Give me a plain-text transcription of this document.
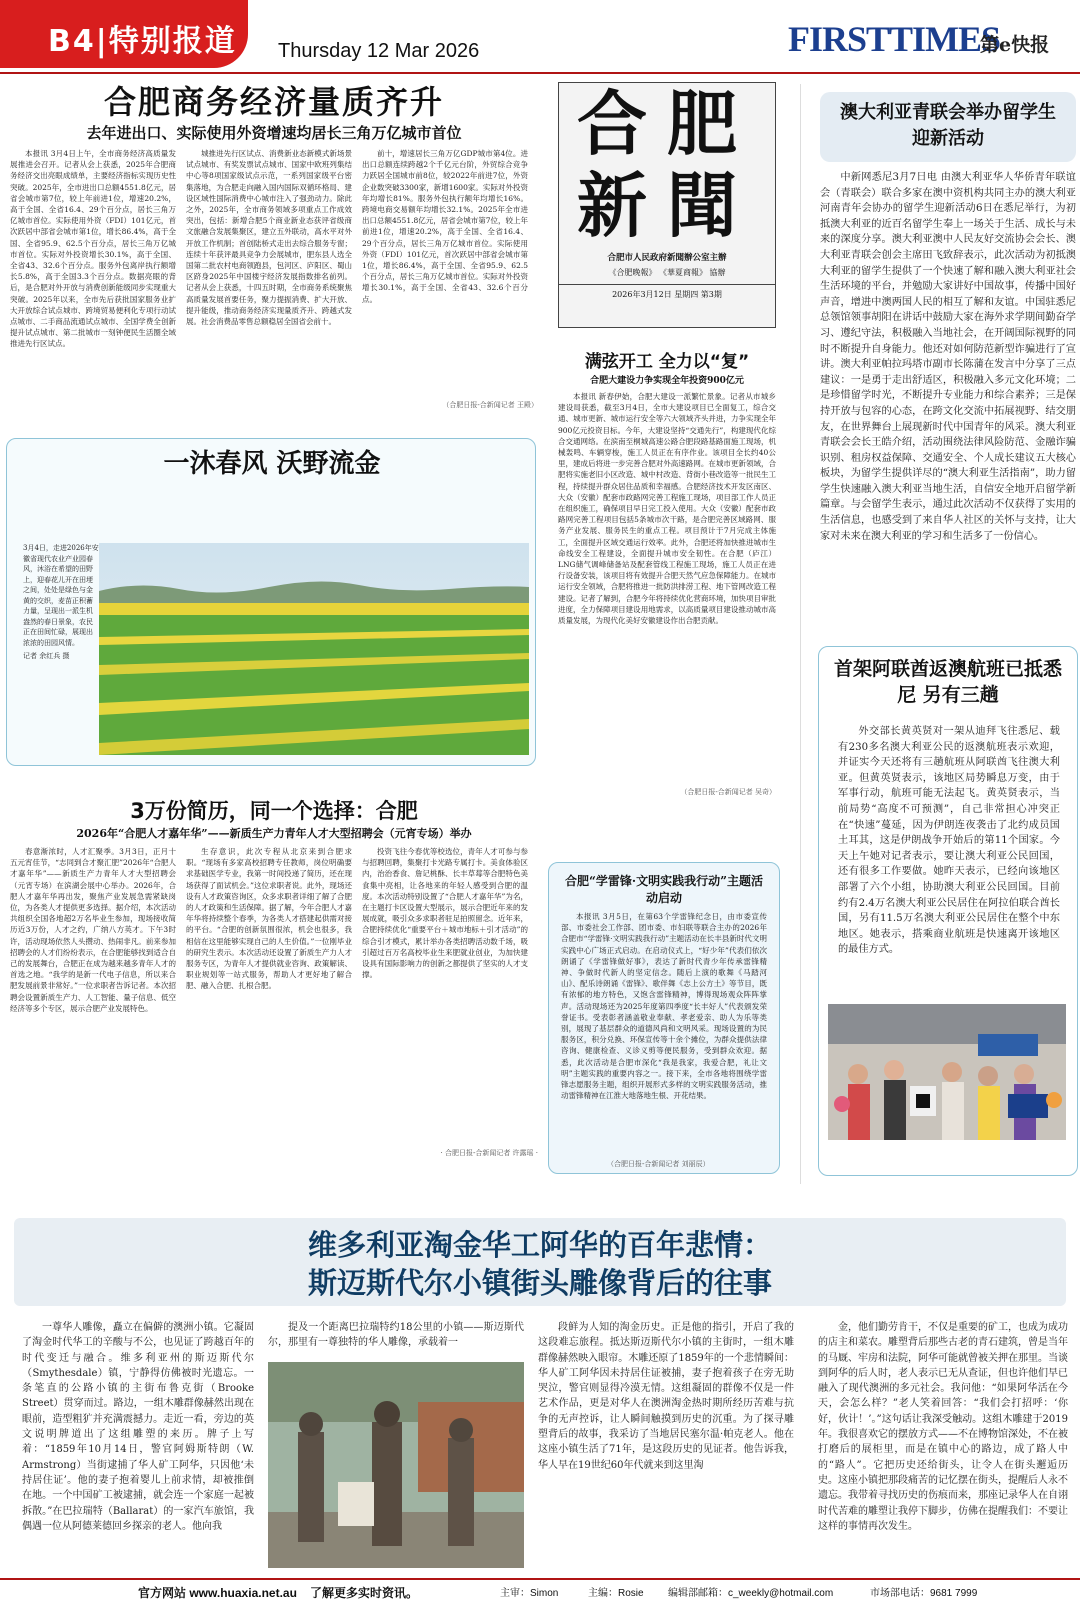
B4|特别报道	Thursday 12 Mar 2026	FIRSTTIMES
第e快报
合肥商务经济量质齐升
去年进出口、实际使用外资增速均居长三角万亿城市首位

本报讯 3月4日上午，全市商务经济高质量发展推进会召开。记者从会上获悉，2025年合肥商务经济交出亮眼成绩单，主要经济指标实现历史性突破。2025年，全市进出口总额4551.8亿元，居省会城市第7位，较上年前进1位，增速20.2%，高于全国、全省16.4、29个百分点，居长三角万亿城市首位。实际使用外资（FDI）101亿元，首次跃居中部省会城市第1位，增长86.4%，高于全国、全省95.9、62.5个百分点，居长三角万亿城市首位。实际对外投资增长30.1%，高于全国、全省43、32.6个百分点。服务外包离岸执行额增长5.8%，高于全国3.3个百分点。数据亮眼的背后，是合肥对外开放与消费创新能级同步实现重大突破。2025年以来，全市先后获批国家服务业扩大开放综合试点城市、跨境贸易便利化专项行动试点城市、二手商品流通试点城市、全国学费全创新提升试点城市、第二批城市一刻钟便民生活圈全域推进先行区试点。

城推进先行区试点、消费新业态新模式新场景试点城市、有奖发票试点城市、国家中欧班列集结中心等8项国家级试点示范，一系列国家级平台密集落地，为合肥走向融入国内国际双循环格局、建设区域性国际消费中心城市注入了强劲动力。除此之外，2025年，全市商务领域多项重点工作成效突出，包括：新增合肥5个商业新业态获评省级商文旅融合发展集聚区，建立五外联动，高水平对外开放工作机制；首创陆桥式走出去综合服务专窗；连续十年获评最具竞争力会展城市，肥东县人选全国第二批农村电商领跑县，包河区、庐阳区、蜀山区跻身2025年中国楼宇经济发展指数排名前列。记者从会上获悉，十四五时期，全市商务系统聚焦高质量发展首要任务，聚力提振消费、扩大开放、提升能级，推动商务经济实现量质齐升、跨越式发展。社会消费品零售总额稳居全国省会前十。

前十，增速居长三角万亿GDP城市第4位。进出口总额连续跨越2个千亿元台阶，外贸综合竞争力跃居全国城市前8位，较2022年前进7位，外资企业数突破3300家，新增1600家。实际对外投资年均增长81%。服务外包执行额年均增长16%。跨境电商交易额年均增长32.1%。2025年全市进出口总额4551.8亿元，居省会城市第7位，较上年前进1位，增速20.2%，高于全国、全省16.4、29个百分点，居长三角万亿城市首位。实际使用外资（FDI）101亿元，首次跃居中部省会城市第1位，增长86.4%，高于全国、全省95.9、62.5个百分点，居长三角万亿城市首位。实际对外投资增长30.1%，高于全国、全省43、32.6个百分点。

（合肥日报-合新闻记者 王殿）
合肥
新聞
合肥市人民政府新聞辦公室主辦
《合肥晚報》 《華夏商報》 協辦
2026年3月12日 星期四 第3期
满弦开工 全力以“复”
合肥大建设力争实现全年投资900亿元

本报讯 新春伊始，合肥大建设一派繁忙景象。记者从市城乡建设局获悉，截至3月4日，全市大建设项目已全面复工，综合交通、城市更新、城市运行安全等六大领域齐头并进，力争实现全年900亿元投资目标。今年，大建设坚持“交通先行”，构建现代化综合交通网络。在滨南至桐城高速公路合肥段路基路面施工现场，机械轰鸣、车辆穿梭，施工人员正在有序作业。该项目全长约40公里，建成后将进一步完善合肥对外高速路网。在城市更新领域，合肥将实施老旧小区改造、城中村改造、背街小巷改造等一批民生工程，持续提升群众居住品质和幸福感。合肥经济技术开发区南区、大众（安徽）配套市政路网完善工程施工现场，项目部工作人员正在组织施工，确保项目早日完工投入使用。大众（安徽）配套市政路网完善工程项目包括5条城市次干路，是合肥完善区域路网、服务产业发展、服务民生的重点工程。项目预计于7月完成主体施工，全面提升区域交通运行效率。此外，合肥还将加快推进城市生命线安全工程建设，全面提升城市安全韧性。在合肥（庐江）LNG储气调峰储备站及配套管线工程施工现场，施工人员正在进行设备安装，该项目将有效提升合肥天然气应急保障能力。在城市运行安全领域，合肥将推进一批防洪排涝工程、地下管网改造工程建设。记者了解到，合肥今年将持续优化营商环境，加快项目审批进度，全力保障项目建设用地需求，以高质量项目建设推动城市高质量发展，为现代化美好安徽建设作出合肥贡献。

（合肥日报-合新闻记者 吴奇）
一沐春风 沃野流金
3月4日，走进2026年安徽省现代农业产业园春风，沐浴在希望的田野上，迎春花儿开在田埂之间，处处是绿色与金黄的交织，麦苗正积蓄力量，呈现出一派生机盎然的春日景象，农民正在田间忙碌，展现出浓浓的田园风情。
记者 余红兵 摄
3万份简历，同一个选择：合肥
2026年“合肥人才嘉年华”——新质生产力青年人才大型招聘会（元宵专场）举办

春意渐浓时，人才汇聚季。3月3日，正月十五元宵佳节，“志同到合才聚汇肥”2026年“合肥人才嘉年华”——新质生产力青年人才大型招聘会（元宵专场）在滨湖会展中心举办。2026年，合肥人才嘉年华再出发，聚焦产业发展急需紧缺岗位，为各类人才提供更多选择。据介绍，本次活动共组织全国各地超2万名毕业生参加，现场接收简历近3万份，人才之约，广纳八方英才。下午3时许，活动现场依然人头攒动、热闹非凡。前来参加招聘会的人才们纷纷表示，在合肥能够找到适合自己的发展舞台，合肥正在成为越来越多青年人才的首选之地。“我学的是新一代电子信息，所以来合肥发展前景非常好。”一位求职者告诉记者。本次招聘会设置新质生产力、人工智能、量子信息、低空经济等多个专区，展示合肥产业发展特色。

生存意识，此次专程从北京来到合肥求职。“现场有多家高校招聘专任教师，岗位明确要求基础医学专业，我第一时间投递了简历，还在现场获得了面试机会。”这位求职者说。此外，现场还设有人才政策咨询区，众多求职者详细了解了合肥的人才政策和生活保障。据了解，今年合肥人才嘉年华将持续整个春季，为各类人才搭建起供需对接的平台。“合肥的创新氛围很浓，机会也很多，我相信在这里能够实现自己的人生价值。”一位刚毕业的研究生表示。本次活动还设置了新质生产力人才服务专区，为青年人才提供就业咨询、政策解读、职业规划等一站式服务，帮助人才更好地了解合肥、融入合肥、扎根合肥。

投资飞往今春优等校选位，青年人才可参与参与招聘回聘，集聚打卡光路专属打卡。美食体验区内，治治香食、詹记桃酥、长丰草莓等合肥特色美食集中亮相，让各地来的年轻人感受到合肥的温度。本次活动特别设置了“合肥人才嘉年华”为名，在主题打卡区设置大型展示，展示合肥近年来的发展成就，吸引众多求职者驻足拍照留念。近年来，合肥持续优化“重要平台＋城市地标＋引才活动”的综合引才模式，累计举办各类招聘活动数千场，吸引超过百万名高校毕业生来肥就业创业，为加快建设具有国际影响力的创新之都提供了坚实的人才支撑。

· 合肥日报-合新闻记者 许露瑶 ·
合肥“学雷锋·文明实践我行动”主题活动启动

本报讯 3月5日，在第63个学雷锋纪念日，由市委宣传部、市委社会工作部、团市委、市妇联等联合主办的2026年合肥市“学雷锋·文明实践我行动”主题活动在长丰县新时代文明实践中心广场正式启动。在启动仪式上，“好少年”代表们依次朗诵了《学雷锋做好事》，表达了新时代青少年传承雷锋精神、争做时代新人的坚定信念。随后上演的歌舞《马踏河山》、配乐诗朗诵《雷锋》、歌伴舞《志上公方土》等节目，既有浓郁的地方特色，又饱含雷锋精神，博得现场观众阵阵掌声。活动现场还为2025年度第四季度“长丰好人”代表颁发荣誉证书。受表彰者涵盖敬业奉献、孝老爱亲、助人为乐等类别，展现了基层群众的道德风尚和文明风采。现场设置的为民服务区，积分兑换、环保宣传等十余个摊位，为群众提供法律咨询、健康检查、义诊义剪等便民服务，受到群众欢迎。据悉，此次活动是合肥市深化“我是我家，我爱合肥，礼让文明”主题实践的重要内容之一。接下来，全市各地将围绕学雷锋志愿服务主题，组织开展形式多样的文明实践服务活动，推动雷锋精神在江淮大地落地生根、开花结果。

（合肥日报-合新闻记者 刘丽辰）
澳大利亚青联会举办留学生迎新活动

中新网悉尼3月7日电 由澳大利亚华人华侨青年联谊会（青联会）联合多家在澳中资机构共同主办的澳大利亚河南青年会协办的留学生迎新活动6日在悉尼举行，为初抵澳大利亚的近百名留学生奉上一场关于生活、成长与未来的深度分享。澳大利亚澳中人民友好交流协会会长、澳大利亚青联会创会主席田飞致辞表示，此次活动为初抵澳大利亚的留学生提供了一个快速了解和融入澳大利亚社会生活环境的平台，并勉励大家讲好中国故事，传播中国好声音，增进中澳两国人民的相互了解和友谊。中国驻悉尼总领馆领事胡阳在讲话中鼓励大家在海外求学期间勤奋学习、遵纪守法，积极融入当地社会，在开阔国际视野的同时不断提升自身能力。他还对如何防范新型诈骗进行了宣讲。澳大利亚帕拉玛塔市副市长陈蒲在发言中分享了三点建议：一是勇于走出舒适区，积极融入多元文化环境；二是珍惜留学时光，不断提升专业能力和综合素养；三是保持开放与包容的心态，在跨文化交流中拓展视野、结交朋友，在世界舞台上展现新时代中国青年的风采。澳大利亚青联会会长王皓介绍，活动围绕法律风险防范、金融诈骗识别、租房权益保障、交通安全、个人成长建议五大核心板块，为留学生提供详尽的“澳大利亚生活指南”，助力留学生快速融入澳大利亚当地生活，自信安全地开启留学新篇章。与会留学生表示，通过此次活动不仅获得了实用的生活信息，也感受到了来自华人社区的关怀与支持，让大家对未来在澳大利亚的学习和生活多了一份信心。

首架阿联酋返澳航班已抵悉尼 另有三趟

外交部长黄英贤对一架从迪拜飞往悉尼、载有230多名澳大利亚公民的返澳航班表示欢迎，并证实今天还将有三趟航班从阿联酋飞往澳大利亚。但黄英贤表示，该地区局势瞬息万变，由于军事行动，航班可能无法起飞。黄英贤表示，当前局势“高度不可预测”，自己非常担心冲突正在“快速”蔓延，因为伊朗连夜袭击了北约成员国土耳其，这是伊朗战争开始后的第11个国家。今天上午她对记者表示，要让澳大利亚公民回国，还有很多工作要做。她昨天表示，已经向该地区部署了六个小组，协助澳大利亚公民回国。目前约有2.4万名澳大利亚公民居住在阿拉伯联合酋长国，另有11.5万名澳大利亚公民居住在整个中东地区。她表示，搭乘商业航班是快速离开该地区的最佳方式。

维多利亚淘金华工阿华的百年悲情：
斯迈斯代尔小镇街头雕像背后的往事

一尊华人雕像，矗立在偏僻的澳洲小镇。它凝固了淘金时代华工的辛酸与不公，也见证了跨越百年的时代变迁与融合。维多利亚州的斯迈斯代尔（Smythesdale）镇，宁静得仿佛被时光遗忘。一条笔直的公路小镇的主街布鲁克街（Brooke Street）贯穿而过。路边，一组木雕群像赫然出现在眼前，造型粗犷并充满震撼力。走近一看，旁边的英文说明牌道出了这组雕塑的来历。牌子上写着：“1859年10月14日，警官阿姆斯特朗（W. Armstrong）当街逮捕了华人矿工阿华，只因他‘未持居住证’。他的妻子抱着婴儿上前求情，却被推倒在地。一个中国矿工被逮捕，就会连一个家庭一起被拆散。”在巴拉瑞特（Ballarat）的一家汽车旅馆，我偶遇一位从阿德莱德回乡探亲的老人。他向我

提及一个距离巴拉瑞特约18公里的小镇——斯迈斯代尔，那里有一尊独特的华人雕像，承载着一

段鲜为人知的淘金历史。正是他的指引，开启了我的这段难忘旅程。抵达斯迈斯代尔小镇的主街时，一组木雕群像赫然映入眼帘。木雕还原了1859年的一个悲情瞬间：华人矿工阿华因未持居住证被捕，妻子抱着孩子在旁无助哭泣，警官则显得冷漠无情。这组凝固的群像不仅是一件艺术作品，更是对华人在澳洲淘金热时期所经历苦难与抗争的无声控诉，让人瞬间触摸到历史的沉重。为了探寻雕塑背后的故事，我采访了当地居民塞尔温·帕克老人。他在这座小镇生活了71年，是这段历史的见证者。他告诉我，华人早在19世纪60年代就来到这里淘

金，他们勤劳肯干，不仅是重要的矿工，也成为成功的店主和菜农。雕塑背后那些古老的青石建筑，曾是当年的马厩、牢房和法院，阿华可能就曾被关押在那里。当谈到阿华的后人时，老人表示已无从查证，但也许他们早已融入了现代澳洲的多元社会。我问他：“如果阿华活在今天，会怎么样？”老人笑着回答：“我们会打招呼：‘你好，伙计！’。”这句话让我深受触动。这组木雕建于2019年。我很喜欢它的摆放方式——不在博物馆深处，不在被打磨后的展柜里，而是在镇中心的路边，成了路人中的“路人”。它把历史还给街头，让令人在街头邂逅历史。这座小镇把那段痛苦的记忆摆在街头，提醒后人永不遗忘。我带着寻找历史的伤痕而来，那座记录华人在自诩时代苦难的雕塑让我停下脚步，仿佛在提醒我们：不要让这样的事情再次发生。

官方网站 www.huaxia.net.au 了解更多实时资讯。	主审：Simon	主编：Rosie 编辑部邮箱：c_weekly@hotmail.com	市场部电话：9681 7999
